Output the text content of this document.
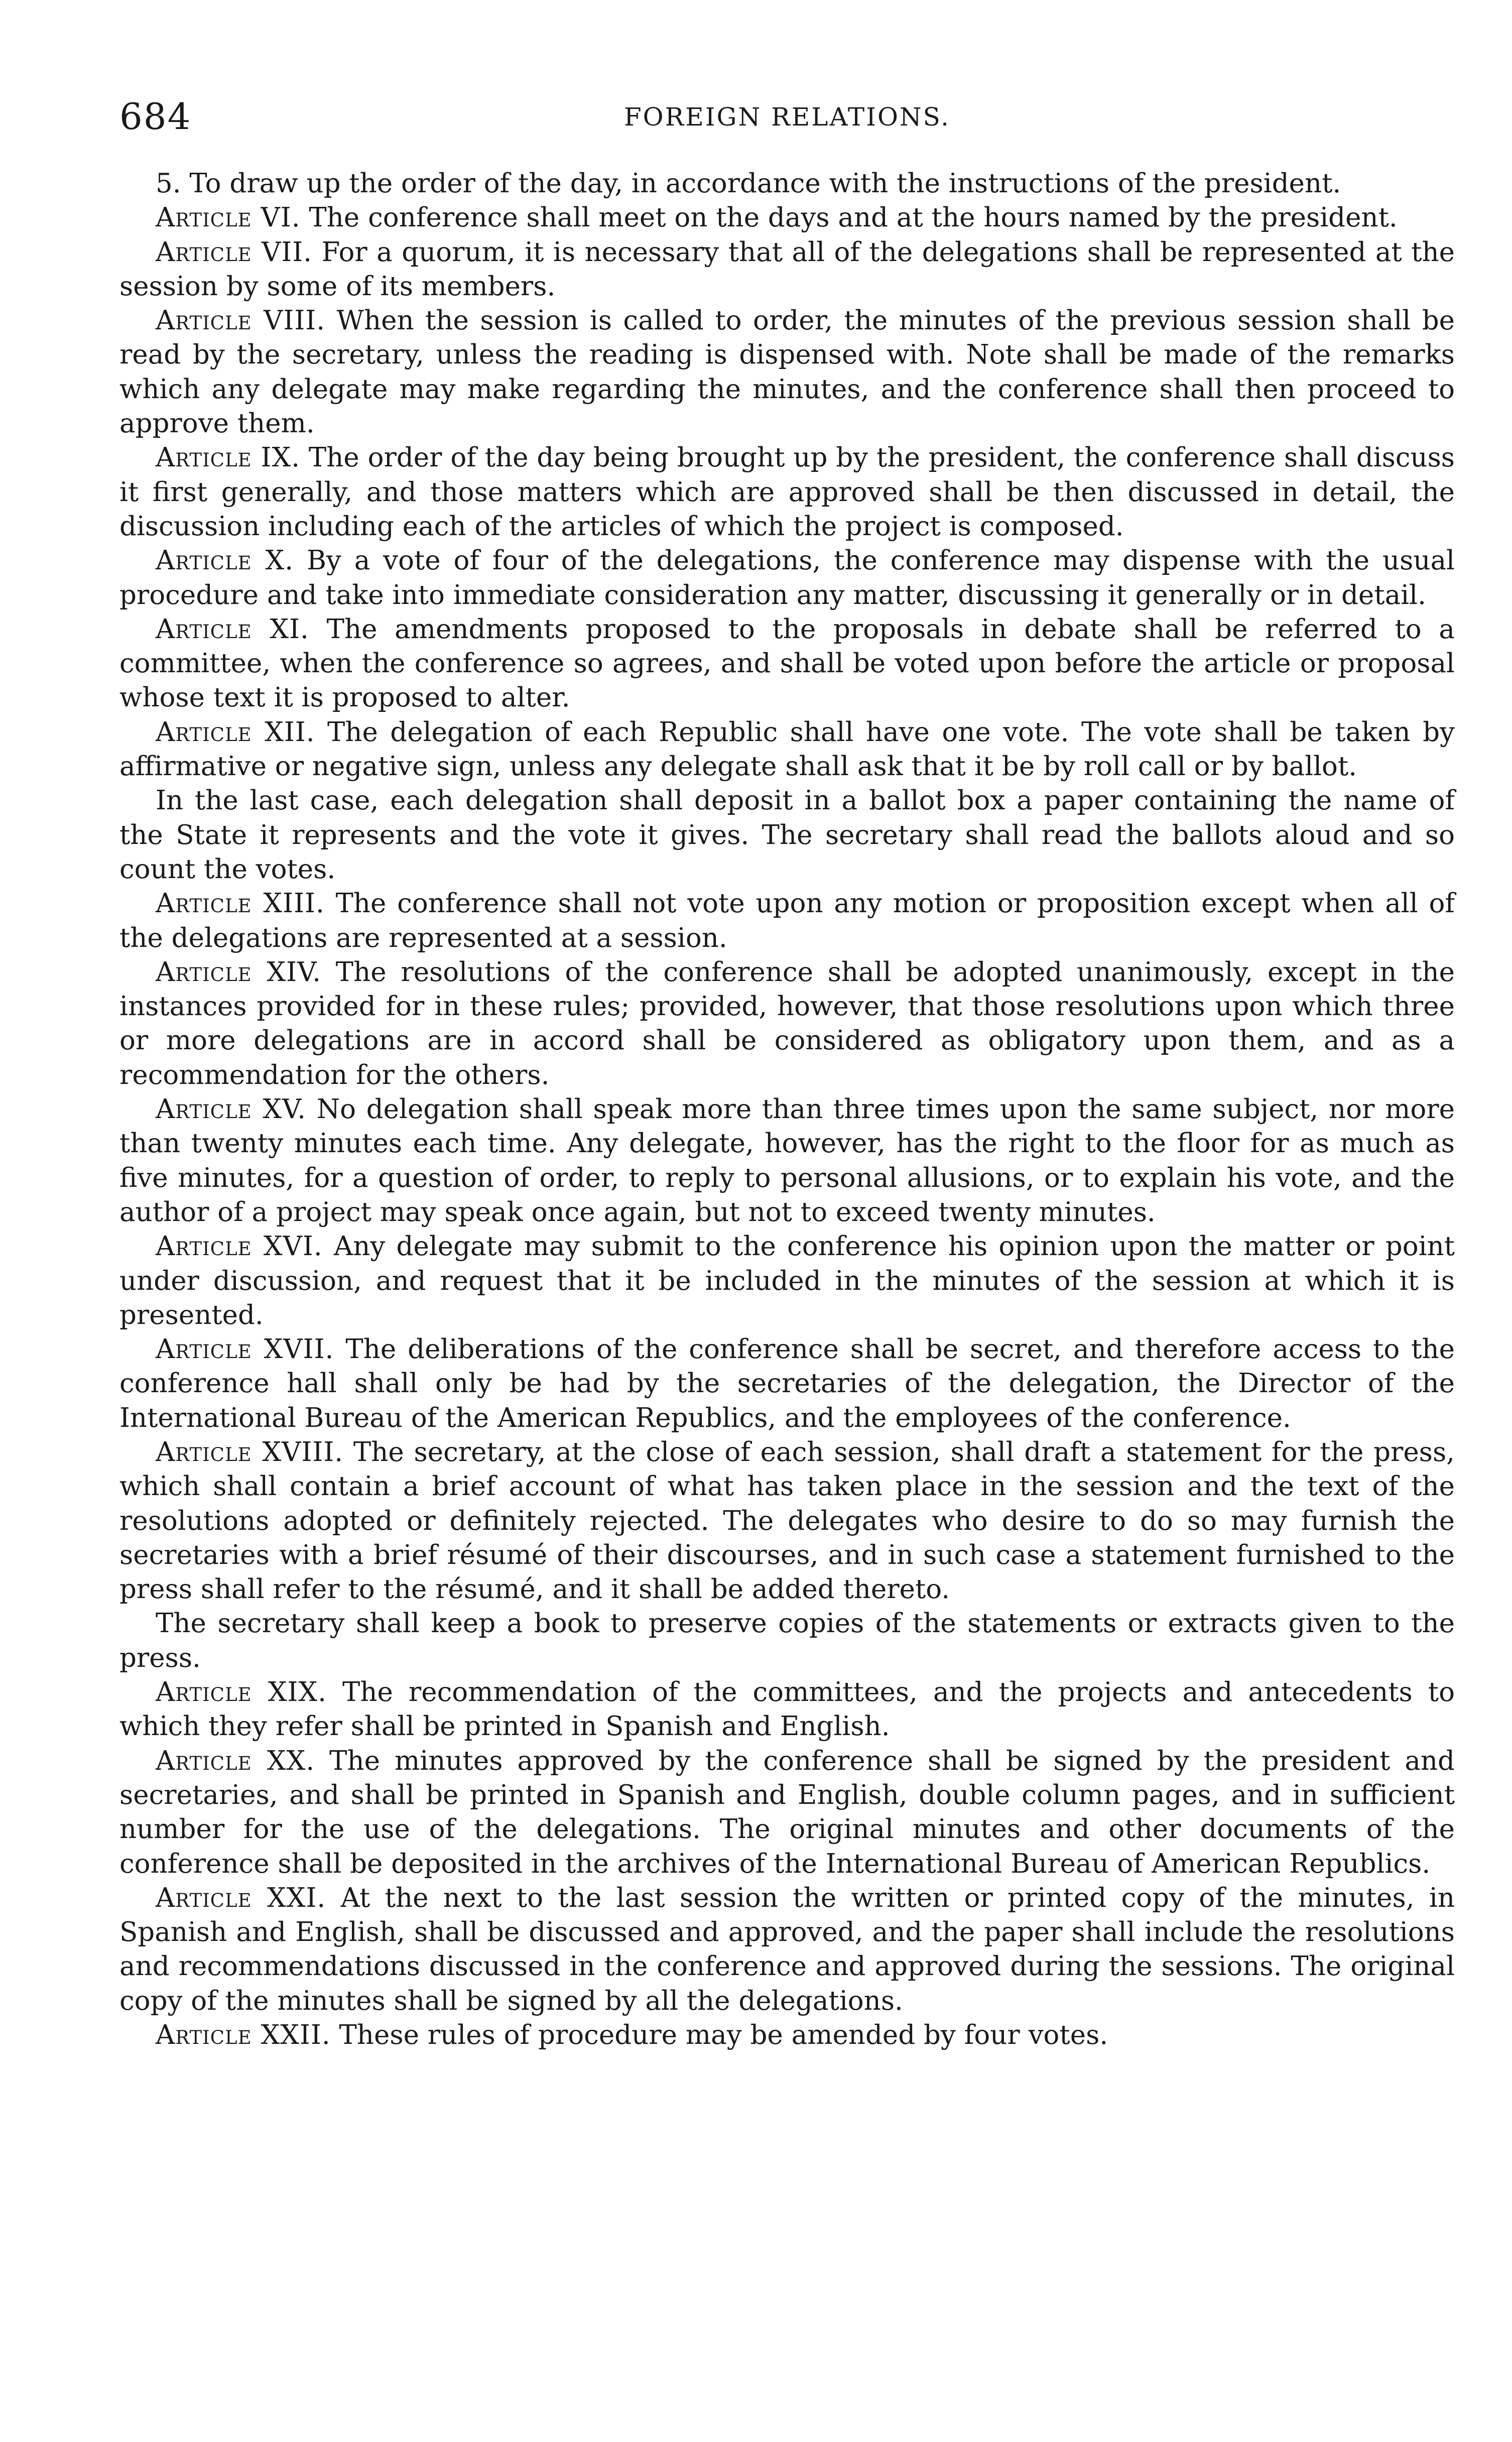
684	FOREIGN RELATIONS.

5. To draw up the order of the day, in accordance with the instructions of the president.

Article VI. The conference shall meet on the days and at the hours named by the president.

Article VII. For a quorum, it is necessary that all of the delegations shall be represented at the session by some of its members.

Article VIII. When the session is called to order, the minutes of the previous session shall be read by the secretary, unless the reading is dispensed with. Note shall be made of the remarks which any delegate may make regarding the minutes, and the conference shall then proceed to approve them.

Article IX. The order of the day being brought up by the president, the conference shall discuss it first generally, and those matters which are approved shall be then discussed in detail, the discussion including each of the articles of which the project is composed.

Article X. By a vote of four of the delegations, the conference may dispense with the usual procedure and take into immediate consideration any matter, discussing it generally or in detail.

Article XI. The amendments proposed to the proposals in debate shall be referred to a committee, when the conference so agrees, and shall be voted upon before the article or proposal whose text it is proposed to alter.

Article XII. The delegation of each Republic shall have one vote. The vote shall be taken by affirmative or negative sign, unless any delegate shall ask that it be by roll call or by ballot.

In the last case, each delegation shall deposit in a ballot box a paper containing the name of the State it represents and the vote it gives. The secretary shall read the ballots aloud and so count the votes.

Article XIII. The conference shall not vote upon any motion or proposition except when all of the delegations are represented at a session.

Article XIV. The resolutions of the conference shall be adopted unanimously, except in the instances provided for in these rules; provided, however, that those resolutions upon which three or more delegations are in accord shall be considered as obligatory upon them, and as a recommendation for the others.

Article XV. No delegation shall speak more than three times upon the same subject, nor more than twenty minutes each time. Any delegate, however, has the right to the floor for as much as five minutes, for a question of order, to reply to personal allusions, or to explain his vote, and the author of a project may speak once again, but not to exceed twenty minutes.

Article XVI. Any delegate may submit to the conference his opinion upon the matter or point under discussion, and request that it be included in the minutes of the session at which it is presented.

Article XVII. The deliberations of the conference shall be secret, and therefore access to the conference hall shall only be had by the secretaries of the delegation, the Director of the International Bureau of the American Republics, and the employees of the conference.

Article XVIII. The secretary, at the close of each session, shall draft a statement for the press, which shall contain a brief account of what has taken place in the session and the text of the resolutions adopted or definitely rejected. The delegates who desire to do so may furnish the secretaries with a brief résumé of their discourses, and in such case a statement furnished to the press shall refer to the résumé, and it shall be added thereto.

The secretary shall keep a book to preserve copies of the statements or extracts given to the press.

Article XIX. The recommendation of the committees, and the projects and antecedents to which they refer shall be printed in Spanish and English.

Article XX. The minutes approved by the conference shall be signed by the president and secretaries, and shall be printed in Spanish and English, double column pages, and in sufficient number for the use of the delegations. The original minutes and other documents of the conference shall be deposited in the archives of the International Bureau of American Republics.

Article XXI. At the next to the last session the written or printed copy of the minutes, in Spanish and English, shall be discussed and approved, and the paper shall include the resolutions and recommendations discussed in the conference and approved during the sessions. The original copy of the minutes shall be signed by all the delegations.

Article XXII. These rules of procedure may be amended by four votes.
